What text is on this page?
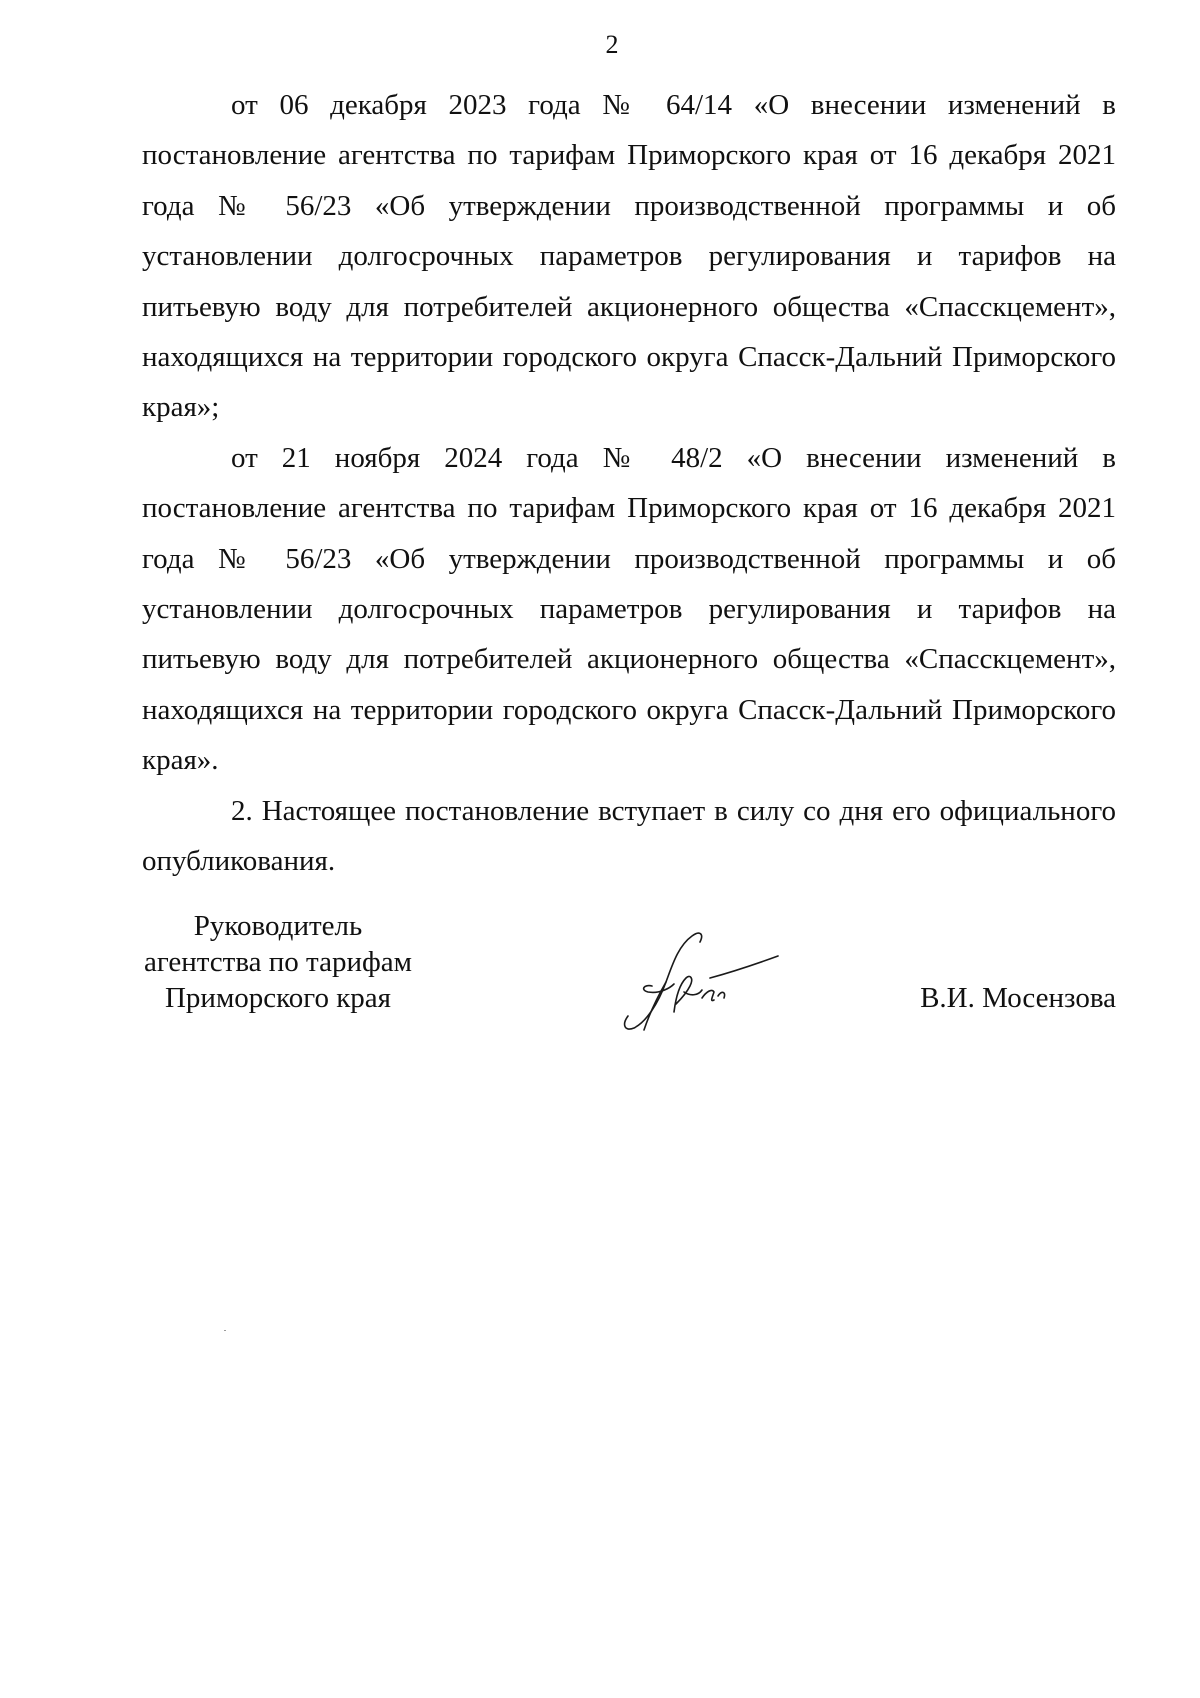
2

от 06 декабря 2023 года № 64/14 «О внесении изменений в постановление агентства по тарифам Приморского края от 16 декабря 2021 года № 56/23 «Об утверждении производственной программы и об установлении долгосрочных параметров регулирования и тарифов на питьевую воду для потребителей акционерного общества «Спасскцемент», находящихся на территории городского округа Спасск-Дальний Приморского края»;

от 21 ноября 2024 года № 48/2 «О внесении изменений в постановление агентства по тарифам Приморского края от 16 декабря 2021 года № 56/23 «Об утверждении производственной программы и об установлении долгосрочных параметров регулирования и тарифов на питьевую воду для потребителей акционерного общества «Спасскцемент», находящихся на территории городского округа Спасск-Дальний Приморского края».

2. Настоящее постановление вступает в силу со дня его официального опубликования.

Руководитель
агентства по тарифам
Приморского края	В.И. Мосензова
